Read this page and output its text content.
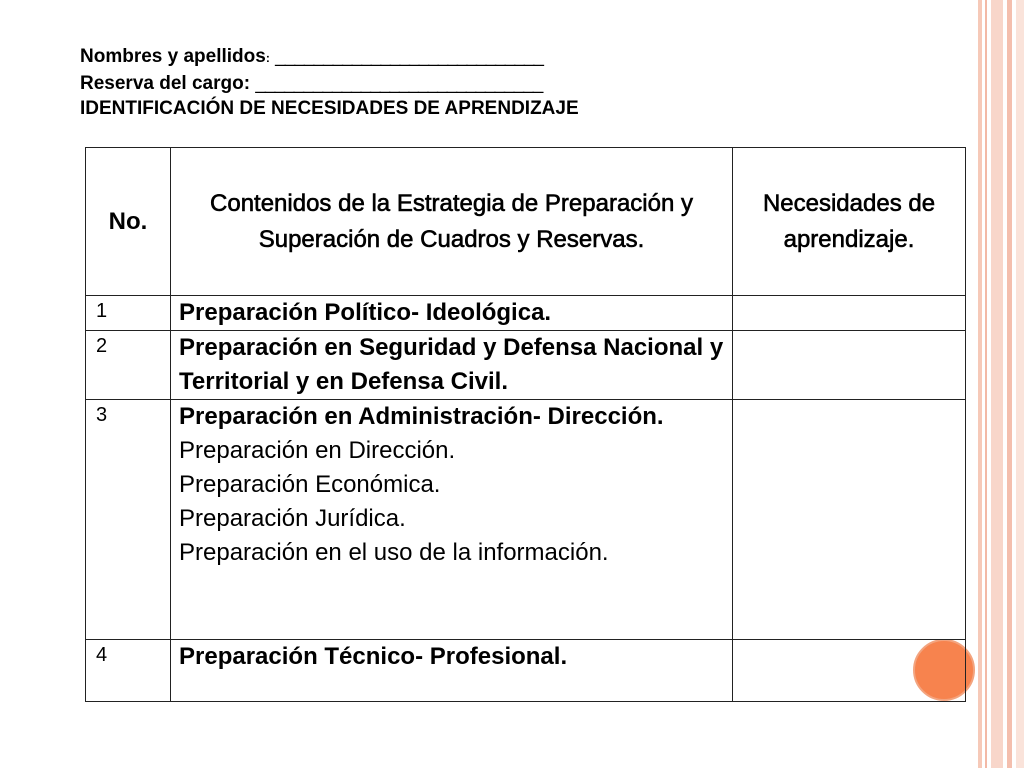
Nombres y apellidos: ____________________________
Reserva del cargo: ______________________________
IDENTIFICACIÓN DE NECESIDADES DE APRENDIZAJE
No.	Contenidos de la Estrategia de Preparación y Superación de Cuadros y Reservas.	Necesidades de aprendizaje.
1	Preparación Político- Ideológica.	

2	Preparación en Seguridad y Defensa Nacional y Territorial y en Defensa Civil.	

3	Preparación en Administración- Dirección.
Preparación en Dirección.
Preparación Económica.
Preparación Jurídica.
Preparación en el uso de la información.	

4	Preparación Técnico- Profesional.	
